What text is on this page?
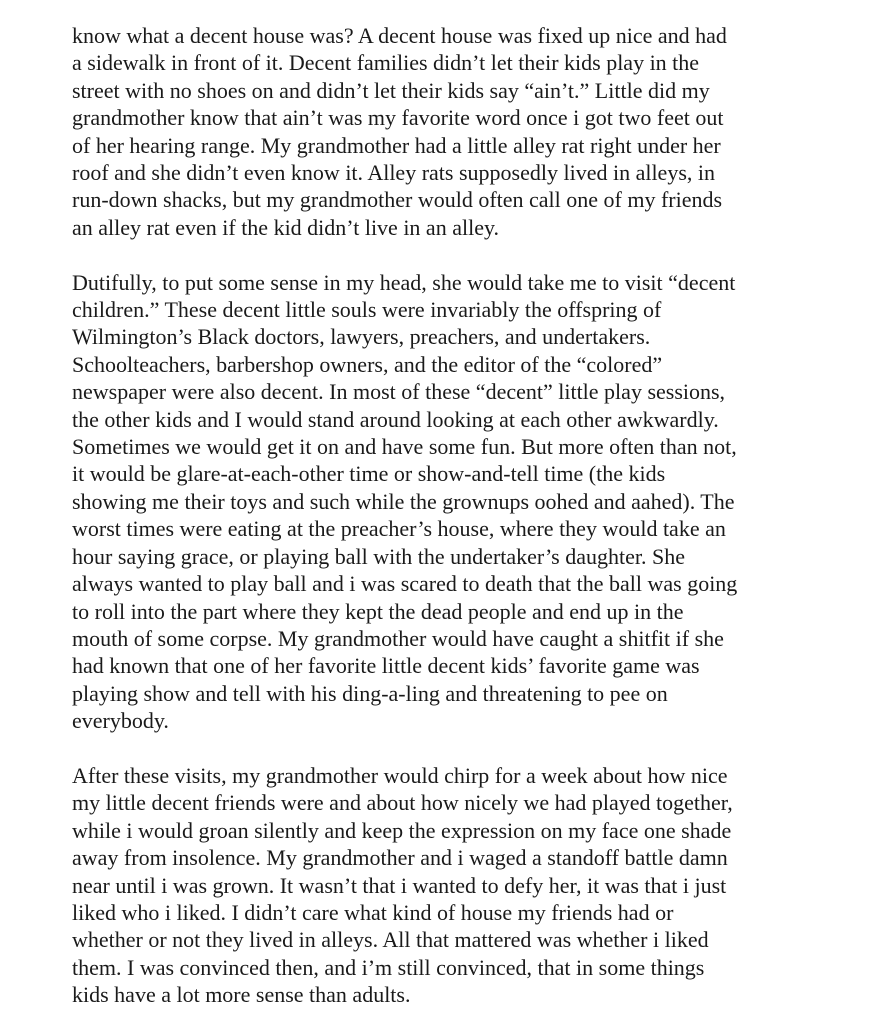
know what a decent house was? A decent house was fixed up nice and had
a sidewalk in front of it. Decent families didn’t let their kids play in the
street with no shoes on and didn’t let their kids say “ain’t.” Little did my
grandmother know that ain’t was my favorite word once i got two feet out
of her hearing range. My grandmother had a little alley rat right under her
roof and she didn’t even know it. Alley rats supposedly lived in alleys, in
run-down shacks, but my grandmother would often call one of my friends
an alley rat even if the kid didn’t live in an alley.

Dutifully, to put some sense in my head, she would take me to visit “decent
children.” These decent little souls were invariably the offspring of
Wilmington’s Black doctors, lawyers, preachers, and undertakers.
Schoolteachers, barbershop owners, and the editor of the “colored”
newspaper were also decent. In most of these “decent” little play sessions,
the other kids and I would stand around looking at each other awkwardly.
Sometimes we would get it on and have some fun. But more often than not,
it would be glare-at-each-other time or show-and-tell time (the kids
showing me their toys and such while the grownups oohed and aahed). The
worst times were eating at the preacher’s house, where they would take an
hour saying grace, or playing ball with the undertaker’s daughter. She
always wanted to play ball and i was scared to death that the ball was going
to roll into the part where they kept the dead people and end up in the
mouth of some corpse. My grandmother would have caught a shitfit if she
had known that one of her favorite little decent kids’ favorite game was
playing show and tell with his ding-a-ling and threatening to pee on
everybody.

After these visits, my grandmother would chirp for a week about how nice
my little decent friends were and about how nicely we had played together,
while i would groan silently and keep the expression on my face one shade
away from insolence. My grandmother and i waged a standoff battle damn
near until i was grown. It wasn’t that i wanted to defy her, it was that i just
liked who i liked. I didn’t care what kind of house my friends had or
whether or not they lived in alleys. All that mattered was whether i liked
them. I was convinced then, and i’m still convinced, that in some things
kids have a lot more sense than adults.
